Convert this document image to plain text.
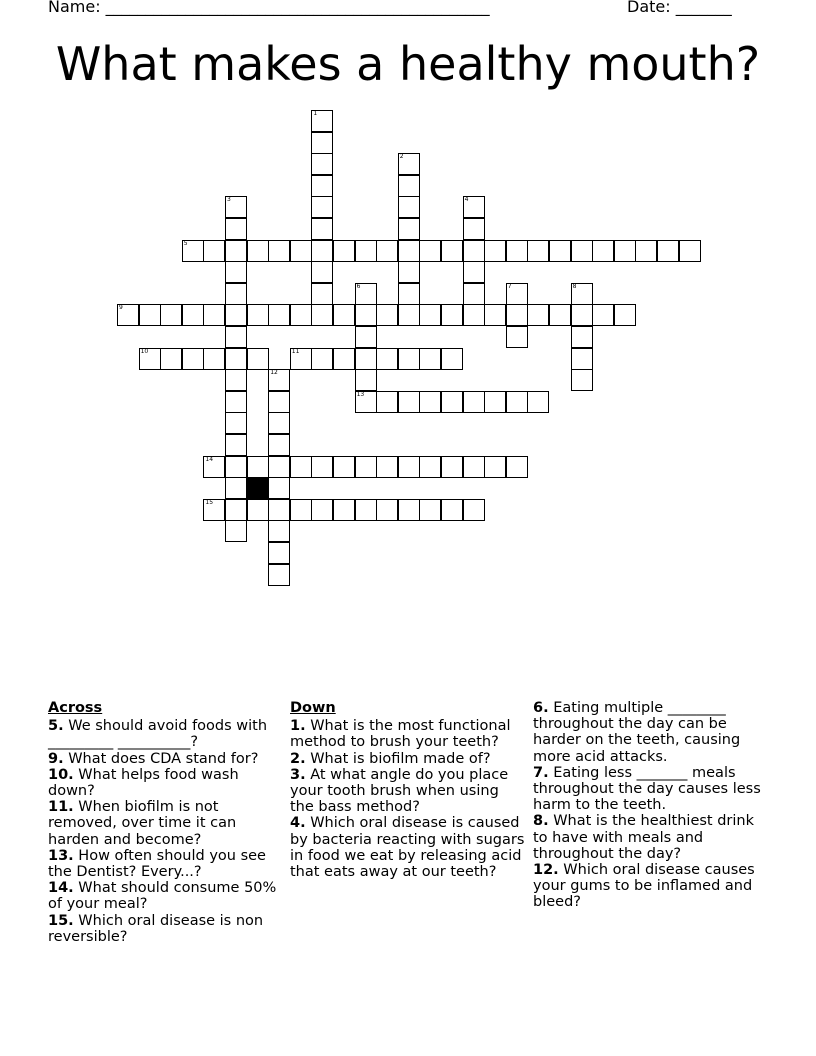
Name: ________________________________________________	Date: _______
What makes a healthy mouth?
1
2
3	4
5
6
13
7	8
9
10	11
12
14
15
Across
5. We should avoid foods with _________ __________?
9. What does CDA stand for?
10. What helps food wash down?
11. When biofilm is not removed, over time it can harden and become?
13. How often should you see the Dentist? Every...?
14. What should consume 50% of your meal?
15. Which oral disease is non reversible?
Down
1. What is the most functional method to brush your teeth?
2. What is biofilm made of?
3. At what angle do you place your tooth brush when using the bass method?
4. Which oral disease is caused by bacteria reacting with sugars in food we eat by releasing acid that eats away at our teeth?
6. Eating multiple ________ throughout the day can be harder on the teeth, causing more acid attacks.
7. Eating less _______ meals throughout the day causes less harm to the teeth.
8. What is the healthiest drink to have with meals and throughout the day?
12. Which oral disease causes your gums to be inflamed and bleed?
